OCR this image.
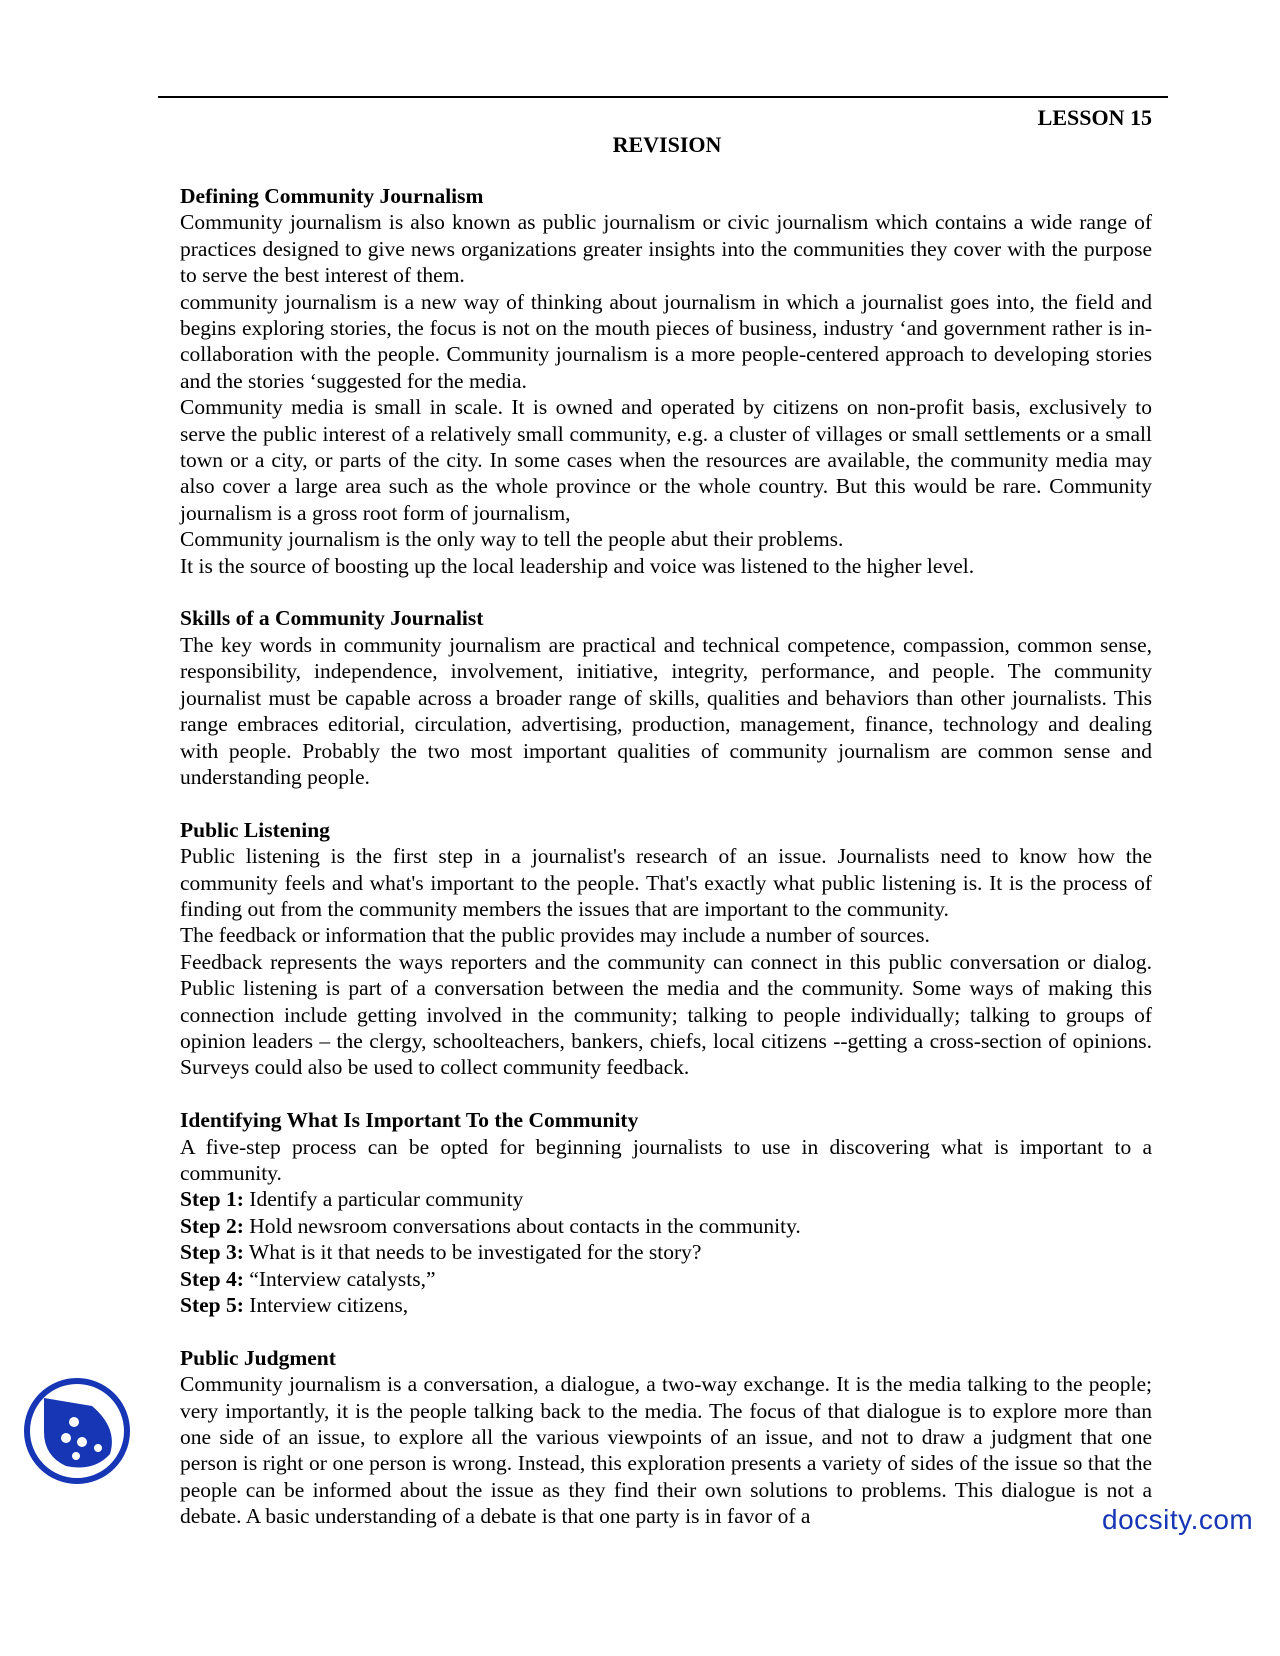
LESSON 15
REVISION

Defining Community Journalism

Community journalism is also known as public journalism or civic journalism which contains a wide range of practices designed to give news organizations greater insights into the communities they cover with the purpose to serve the best interest of them.

community journalism is a new way of thinking about journalism in which a journalist goes into, the field and begins exploring stories, the focus is not on the mouth pieces of business, industry ‘and government rather is in-collaboration with the people. Community journalism is a more people-centered approach to developing stories and the stories ‘suggested for the media.

Community media is small in scale. It is owned and operated by citizens on non-profit basis, exclusively to serve the public interest of a relatively small community, e.g. a cluster of villages or small settlements or a small town or a city, or parts of the city. In some cases when the resources are available, the community media may also cover a large area such as the whole province or the whole country. But this would be rare. Community journalism is a gross root form of journalism,

Community journalism is the only way to tell the people abut their problems.

It is the source of boosting up the local leadership and voice was listened to the higher level.

Skills of a Community Journalist

The key words in community journalism are practical and technical competence, compassion, common sense, responsibility, independence, involvement, initiative, integrity, performance, and people. The community journalist must be capable across a broader range of skills, qualities and behaviors than other journalists. This range embraces editorial, circulation, advertising, production, management, finance, technology and dealing with people. Probably the two most important qualities of community journalism are common sense and understanding people.

Public Listening

Public listening is the first step in a journalist's research of an issue. Journalists need to know how the community feels and what's important to the people. That's exactly what public listening is. It is the process of finding out from the community members the issues that are important to the community.

The feedback or information that the public provides may include a number of sources.

Feedback represents the ways reporters and the community can connect in this public conversation or dialog. Public listening is part of a conversation between the media and the community. Some ways of making this connection include getting involved in the community; talking to people individually; talking to groups of opinion leaders – the clergy, schoolteachers, bankers, chiefs, local citizens --getting a cross-section of opinions. Surveys could also be used to collect community feedback.

Identifying What Is Important To the Community

A five-step process can be opted for beginning journalists to use in discovering what is important to a community.

Step 1: Identify a particular community

Step 2: Hold newsroom conversations about contacts in the community.

Step 3: What is it that needs to be investigated for the story?

Step 4: “Interview catalysts,”

Step 5: Interview citizens,

Public Judgment

Community journalism is a conversation, a dialogue, a two-way exchange. It is the media talking to the people; very importantly, it is the people talking back to the media. The focus of that dialogue is to explore more than one side of an issue, to explore all the various viewpoints of an issue, and not to draw a judgment that one person is right or one person is wrong. Instead, this exploration presents a variety of sides of the issue so that the people can be informed about the issue as they find their own solutions to problems. This dialogue is not a debate. A basic understanding of a debate is that one party is in favor of a	docsity.com
